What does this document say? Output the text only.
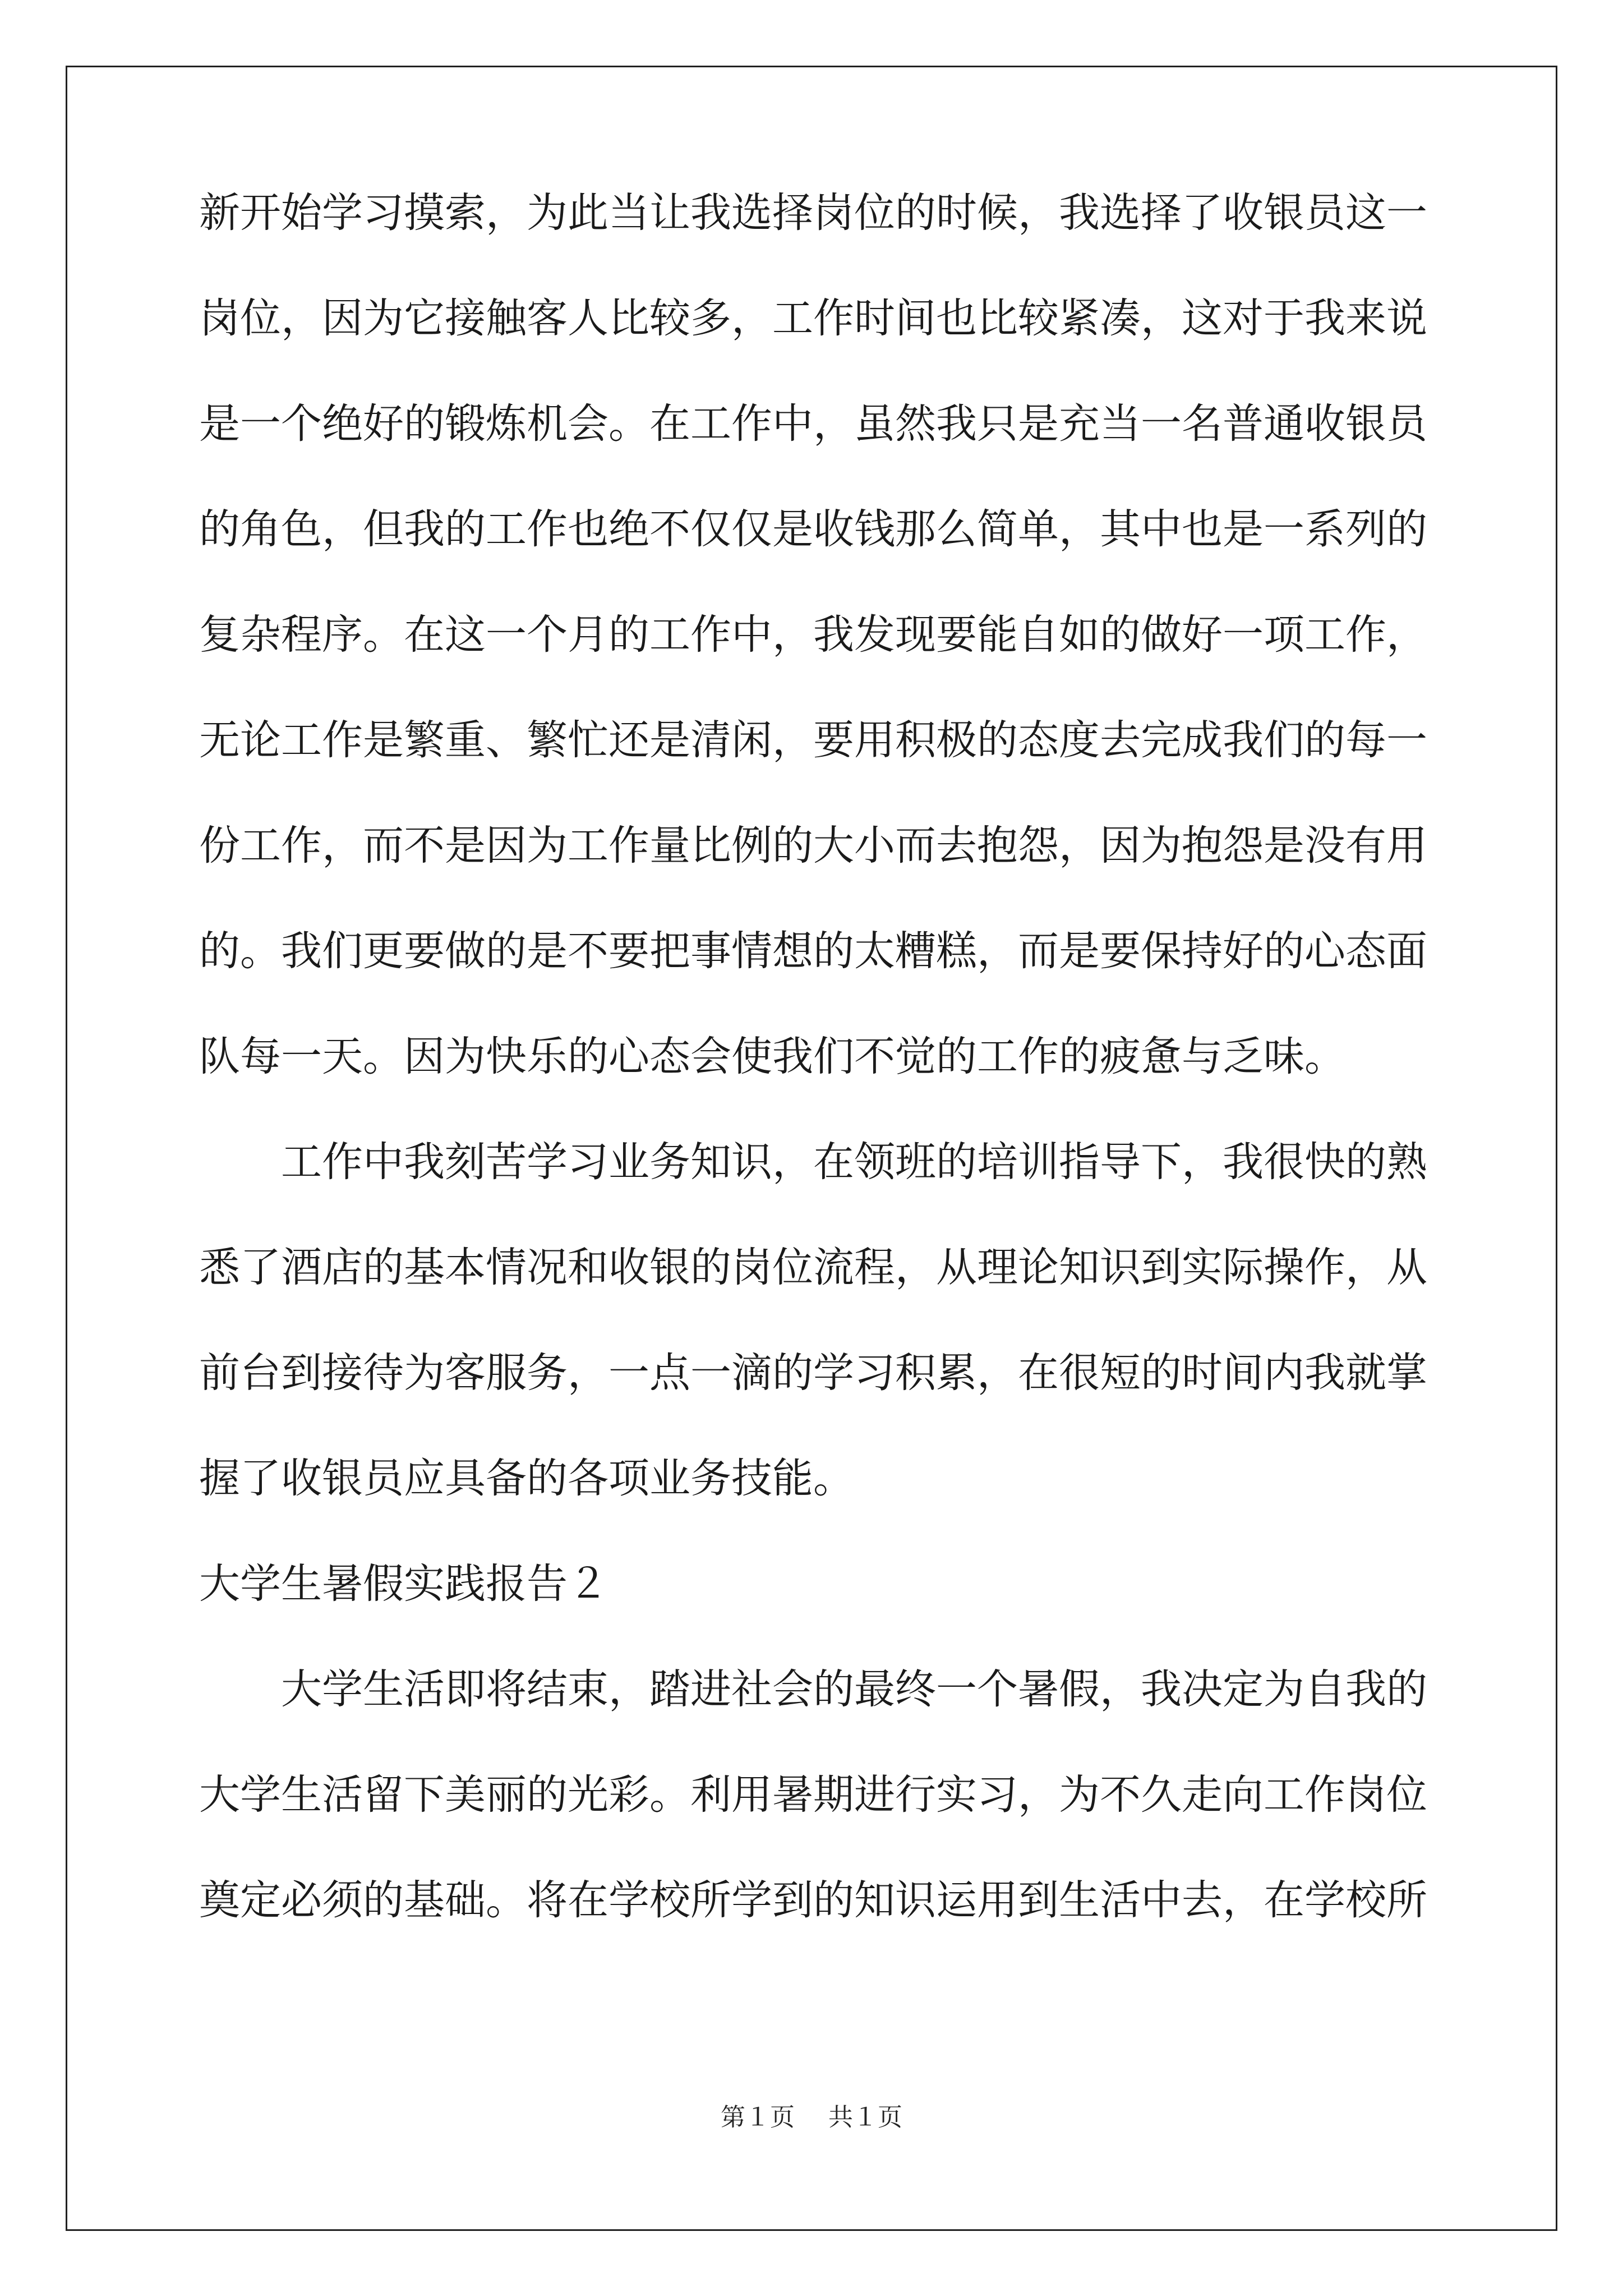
新开始学习摸索，为此当让我选择岗位的时候，我选择了收银员这一
岗位，因为它接触客人比较多，工作时间也比较紧凑，这对于我来说
是一个绝好的锻炼机会。在工作中，虽然我只是充当一名普通收银员
的角色，但我的工作也绝不仅仅是收钱那么简单，其中也是一系列的
复杂程序。在这一个月的工作中，我发现要能自如的做好一项工作，
无论工作是繁重、繁忙还是清闲，要用积极的态度去完成我们的每一
份工作，而不是因为工作量比例的大小而去抱怨，因为抱怨是没有用
的。我们更要做的是不要把事情想的太糟糕，而是要保持好的心态面
队每一天。因为快乐的心态会使我们不觉的工作的疲惫与乏味。
工作中我刻苦学习业务知识，在领班的培训指导下，我很快的熟
悉了酒店的基本情况和收银的岗位流程，从理论知识到实际操作，从
前台到接待为客服务，一点一滴的学习积累，在很短的时间内我就掌
握了收银员应具备的各项业务技能。
大学生暑假实践报告２
大学生活即将结束，踏进社会的最终一个暑假，我决定为自我的
大学生活留下美丽的光彩。利用暑期进行实习，为不久走向工作岗位
奠定必须的基础。将在学校所学到的知识运用到生活中去，在学校所
第１页 共１页
